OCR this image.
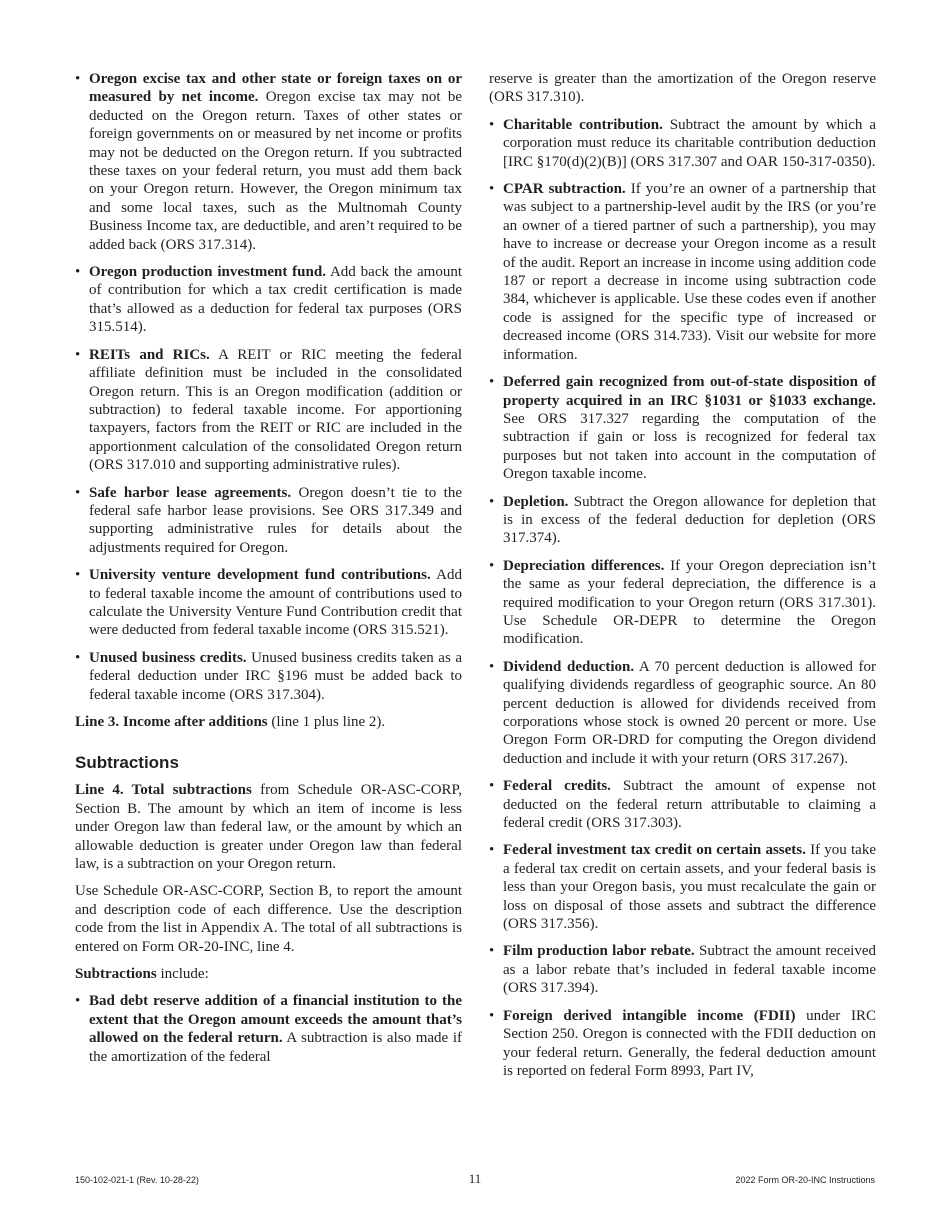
• Oregon excise tax and other state or foreign taxes on or measured by net income. Oregon excise tax may not be deducted on the Oregon return. Taxes of other states or foreign governments on or measured by net income or profits may not be deducted on the Oregon return. If you subtracted these taxes on your federal return, you must add them back on your Oregon return. However, the Oregon minimum tax and some local taxes, such as the Multnomah County Business Income tax, are deductible, and aren’t required to be added back (ORS 317.314).

• Oregon production investment fund. Add back the amount of contribution for which a tax credit certification is made that’s allowed as a deduction for federal tax purposes (ORS 315.514).

• REITs and RICs. A REIT or RIC meeting the federal affiliate definition must be included in the consolidated Oregon return. This is an Oregon modification (addition or subtraction) to federal taxable income. For apportioning taxpayers, factors from the REIT or RIC are included in the apportionment calculation of the consolidated Oregon return (ORS 317.010 and supporting administrative rules).

• Safe harbor lease agreements. Oregon doesn’t tie to the federal safe harbor lease provisions. See ORS 317.349 and supporting administrative rules for details about the adjustments required for Oregon.

• University venture development fund contributions. Add to federal taxable income the amount of contributions used to calculate the University Venture Fund Contribution credit that were deducted from federal taxable income (ORS 315.521).

• Unused business credits. Unused business credits taken as a federal deduction under IRC §196 must be added back to federal taxable income (ORS 317.304).

Line 3. Income after additions (line 1 plus line 2).

Subtractions

Line 4. Total subtractions from Schedule OR-ASC-CORP, Section B. The amount by which an item of income is less under Oregon law than federal law, or the amount by which an allowable deduction is greater under Oregon law than federal law, is a subtraction on your Oregon return.

Use Schedule OR-ASC-CORP, Section B, to report the amount and description code of each difference. Use the description code from the list in Appendix A. The total of all subtractions is entered on Form OR-20-INC, line 4.

Subtractions include:

• Bad debt reserve addition of a financial institution to the extent that the Oregon amount exceeds the amount that’s allowed on the federal return. A subtraction is also made if the amortization of the federal

reserve is greater than the amortization of the Oregon reserve (ORS 317.310).

• Charitable contribution. Subtract the amount by which a corporation must reduce its charitable contribution deduction [IRC §170(d)(2)(B)] (ORS 317.307 and OAR 150-317-0350).

• CPAR subtraction. If you’re an owner of a partnership that was subject to a partnership-level audit by the IRS (or you’re an owner of a tiered partner of such a partnership), you may have to increase or decrease your Oregon income as a result of the audit. Report an increase in income using addition code 187 or report a decrease in income using subtraction code 384, whichever is applicable. Use these codes even if another code is assigned for the specific type of increased or decreased income (ORS 314.733). Visit our website for more information.

• Deferred gain recognized from out-of-state disposition of property acquired in an IRC §1031 or §1033 exchange. See ORS 317.327 regarding the computation of the subtraction if gain or loss is recognized for federal tax purposes but not taken into account in the computation of Oregon taxable income.

• Depletion. Subtract the Oregon allowance for depletion that is in excess of the federal deduction for depletion (ORS 317.374).

• Depreciation differences. If your Oregon depreciation isn’t the same as your federal depreciation, the difference is a required modification to your Oregon return (ORS 317.301). Use Schedule OR-DEPR to determine the Oregon modification.

• Dividend deduction. A 70 percent deduction is allowed for qualifying dividends regardless of geographic source. An 80 percent deduction is allowed for dividends received from corporations whose stock is owned 20 percent or more. Use Oregon Form OR-DRD for computing the Oregon dividend deduction and include it with your return (ORS 317.267).

• Federal credits. Subtract the amount of expense not deducted on the federal return attributable to claiming a federal credit (ORS 317.303).

• Federal investment tax credit on certain assets. If you take a federal tax credit on certain assets, and your federal basis is less than your Oregon basis, you must recalculate the gain or loss on disposal of those assets and subtract the difference (ORS 317.356).

• Film production labor rebate. Subtract the amount received as a labor rebate that’s included in federal taxable income (ORS 317.394).

• Foreign derived intangible income (FDII) under IRC Section 250. Oregon is connected with the FDII deduction on your federal return. Generally, the federal deduction amount is reported on federal Form 8993, Part IV,

150-102-021-1 (Rev. 10-28-22)	11	2022 Form OR-20-INC Instructions
